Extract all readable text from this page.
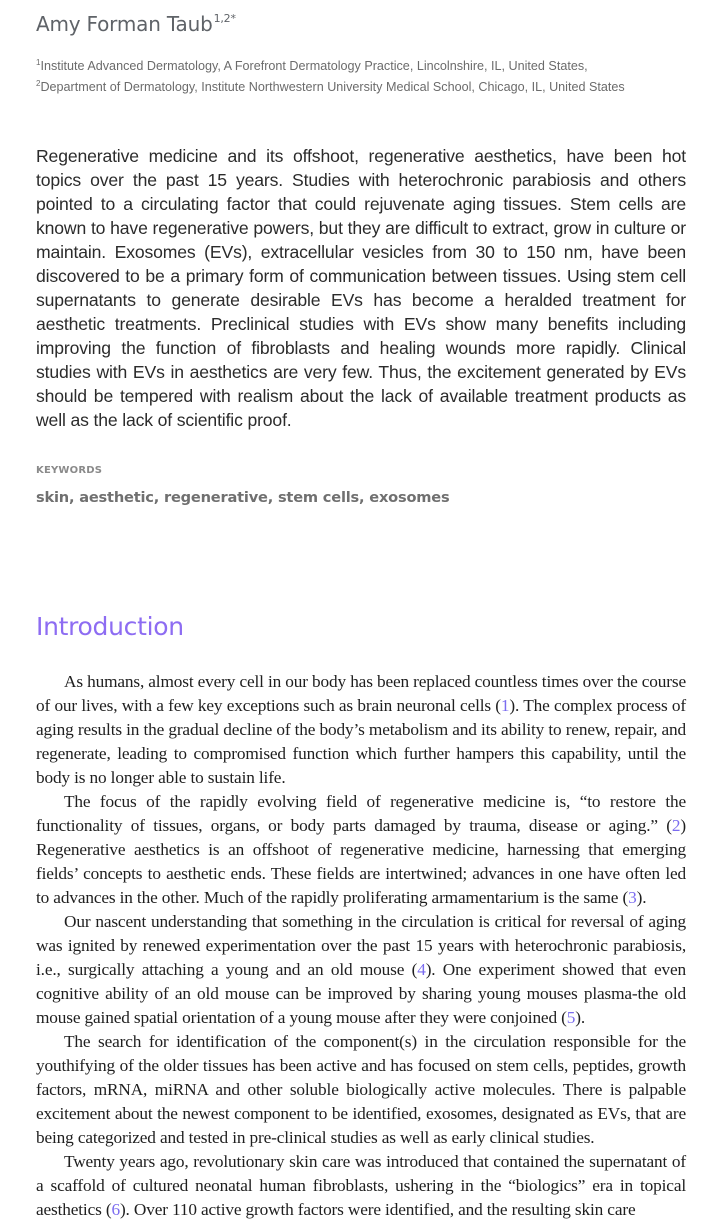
Amy Forman Taub$^{1,2*}$
$^1$Institute Advanced Dermatology, A Forefront Dermatology Practice, Lincolnshire, IL, United States,
$^2$Department of Dermatology, Institute Northwestern University Medical School, Chicago, IL, United States
Regenerative medicine and its offshoot, regenerative aesthetics, have been hot topics over the past 15 years. Studies with heterochronic parabiosis and others pointed to a circulating factor that could rejuvenate aging tissues. Stem cells are known to have regenerative powers, but they are difficult to extract, grow in culture or maintain. Exosomes (EVs), extracellular vesicles from 30 to 150 nm, have been discovered to be a primary form of communication between tissues. Using stem cell supernatants to generate desirable EVs has become a heralded treatment for aesthetic treatments. Preclinical studies with EVs show many benefits including improving the function of fibroblasts and healing wounds more rapidly. Clinical studies with EVs in aesthetics are very few. Thus, the excitement generated by EVs should be tempered with realism about the lack of available treatment products as well as the lack of scientific proof.
KEYWORDS
skin, aesthetic, regenerative, stem cells, exosomes
Introduction

As humans, almost every cell in our body has been replaced countless times over the course of our lives, with a few key exceptions such as brain neuronal cells (1). The complex process of aging results in the gradual decline of the body’s metabolism and its ability to renew, repair, and regenerate, leading to compromised function which further hampers this capability, until the body is no longer able to sustain life.

The focus of the rapidly evolving field of regenerative medicine is, “to restore the functionality of tissues, organs, or body parts damaged by trauma, disease or aging.” (2) Regenerative aesthetics is an offshoot of regenerative medicine, harnessing that emerging fields’ concepts to aesthetic ends. These fields are intertwined; advances in one have often led to advances in the other. Much of the rapidly proliferating armamentarium is the same (3).

Our nascent understanding that something in the circulation is critical for reversal of aging was ignited by renewed experimentation over the past 15 years with heterochronic parabiosis, i.e., surgically attaching a young and an old mouse (4). One experiment showed that even cognitive ability of an old mouse can be improved by sharing young mouses plasma-the old mouse gained spatial orientation of a young mouse after they were conjoined (5).

The search for identification of the component(s) in the circulation responsible for the youthifying of the older tissues has been active and has focused on stem cells, peptides, growth factors, mRNA, miRNA and other soluble biologically active molecules. There is palpable excitement about the newest component to be identified, exosomes, designated as EVs, that are being categorized and tested in pre-clinical studies as well as early clinical studies.

Twenty years ago, revolutionary skin care was introduced that contained the supernatant of a scaffold of cultured neonatal human fibroblasts, ushering in the “biologics” era in topical aesthetics (6). Over 110 active growth factors were identified, and the resulting skin care
